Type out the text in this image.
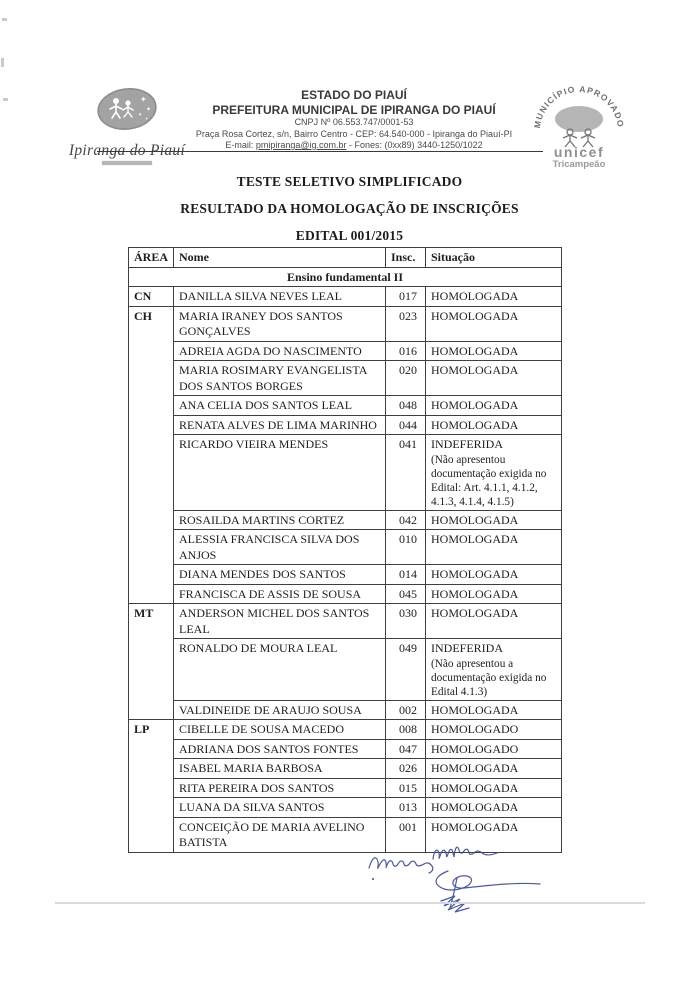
✦
✦
✦
✦
Ipiranga do Piauí
ESTADO DO PIAUÍ
PREFEITURA MUNICIPAL DE IPIRANGA DO PIAUÍ
CNPJ Nº 06.553.747/0001-53
Praça Rosa Cortez, s/n, Bairro Centro - CEP: 64.540-000 - Ipiranga do Piauí-PI
E-mail: pmipiranga@ig.com.br - Fones: (0xx89) 3440-1250/1022
MUNICÍPIO APROVADO
unicef
Tricampeão
TESTE SELETIVO SIMPLIFICADO
RESULTADO DA HOMOLOGAÇÃO DE INSCRIÇÕES
EDITAL 001/2015
ÁREA	Nome	Insc.	Situação
Ensino fundamental II			
CN	DANILLA SILVA NEVES LEAL	017	HOMOLOGADA
CH	MARIA IRANEY DOS SANTOS GONÇALVES	023	HOMOLOGADA
	ADREIA AGDA DO NASCIMENTO	016	HOMOLOGADA
	MARIA ROSIMARY EVANGELISTA DOS SANTOS BORGES	020	HOMOLOGADA
	ANA CELIA DOS SANTOS LEAL	048	HOMOLOGADA
	RENATA ALVES DE LIMA MARINHO	044	HOMOLOGADA
	RICARDO VIEIRA MENDES	041	INDEFERIDA
(Não apresentou documentação exigida no Edital: Art. 4.1.1, 4.1.2, 4.1.3, 4.1.4, 4.1.5)

	ROSAILDA MARTINS CORTEZ	042	HOMOLOGADA
	ALESSIA FRANCISCA SILVA DOS ANJOS	010	HOMOLOGADA
	DIANA MENDES DOS SANTOS	014	HOMOLOGADA
	FRANCISCA DE ASSIS DE SOUSA	045	HOMOLOGADA
MT	ANDERSON MICHEL DOS SANTOS LEAL	030	HOMOLOGADA
	RONALDO DE MOURA LEAL	049	INDEFERIDA
(Não apresentou a documentação exigida no Edital 4.1.3)

	VALDINEIDE DE ARAUJO SOUSA	002	HOMOLOGADA
LP	CIBELLE DE SOUSA MACEDO	008	HOMOLOGADO
	ADRIANA DOS SANTOS FONTES	047	HOMOLOGADO
	ISABEL MARIA BARBOSA	026	HOMOLOGADA
	RITA PEREIRA DOS SANTOS	015	HOMOLOGADA
	LUANA DA SILVA SANTOS	013	HOMOLOGADA
	CONCEIÇÃO DE MARIA AVELINO BATISTA	001	HOMOLOGADA
